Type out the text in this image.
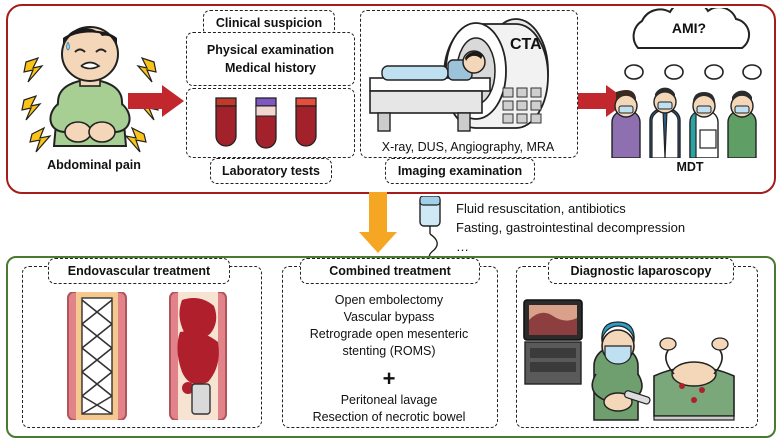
Abdominal pain
Clinical suspicion
Physical examination
Medical history
Laboratory tests
X-ray, DUS, Angiography, MRA
CTA
Imaging examination
AMI?
MDT
Fluid resuscitation, antibiotics
Fasting, gastrointestinal decompression
…
Endovascular treatment	Combined treatment
Open embolectomy
Vascular bypass
Retrograde open mesenteric
stenting (ROMS)
+
Peritoneal lavage
Resection of necrotic bowel
Diagnostic laparoscopy
